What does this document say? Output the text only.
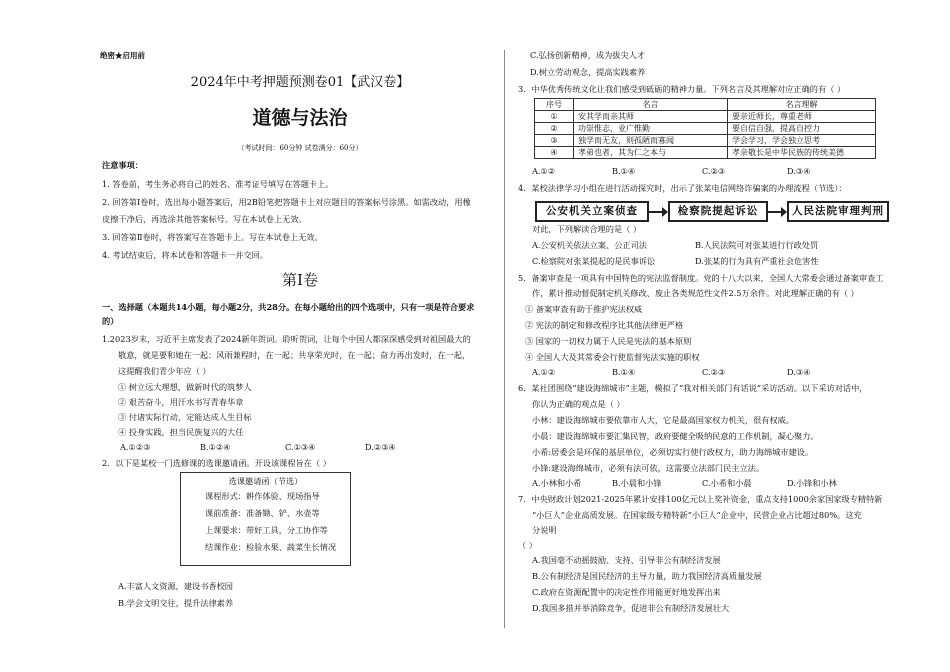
绝密★启用前
2024年中考押题预测卷01【武汉卷】
道德与法治
（考试时间：60分钟 试卷满分：60分）
注意事项：
1. 答卷前，考生务必将自己的姓名、准考证号填写在答题卡上。
2. 回答第Ⅰ卷时，选出每小题答案后，用2B铅笔把答题卡上对应题目的答案标号涂黑。如需改动，用橡
皮擦干净后，再选涂其他答案标号。写在本试卷上无效。
3. 回答第Ⅱ卷时，将答案写在答题卡上。写在本试卷上无效。
4. 考试结束后，将本试卷和答题卡一并交回。
第Ⅰ卷
一、选择题（本题共14小题，每小题2分，共28分。在每小题给出的四个选项中，只有一项是符合要求
的）
1.2023岁末，习近平主席发表了2024新年贺词。聆听贺词，让每个中国人都深深感受到对祖国最大的
敬意，就是要和她在一起：风雨兼程时，在一起；共享荣光时，在一起；奋力再出发时，在一起，
这提醒我们青少年应（ ）
① 树立远大理想，做新时代的筑梦人
② 艰苦奋斗，用汗水书写青春华章
③ 付诸实际行动，定能达成人生目标
④ 投身实践，担当民族复兴的大任
A.①②③	B.①②④	C.①③④	D.②③④
2．以下是某校一门选修课的选课邀请函。开设该课程旨在（ ）
选课邀请函（节选）
课程形式：耕作体验、现场指导
课前准备：准备锄、铲、水壶等
上课要求：带好工具，分工协作等
结课作业：检验水果、蔬菜生长情况
A.丰富人文资源，建设书香校园
B.学会文明交往，提升法律素养
C.弘扬创新精神，成为拔尖人才
D.树立劳动观念，提高实践素养
3．中华优秀传统文化让我们感受到砥砺的精神力量。下列名言及其理解对应正确的有（ ）
序号	名言	名言理解
①	安其学而亲其师	要亲近师长，尊重老师
②	功崇惟志，业广惟勤	要自信自强，提高自控力
③	独学而无友，则孤陋而寡闻	学会学习，学会独立思考
④	孝弟也者，其为仁之本与	孝亲敬长是中华民族的传统美德
A.①②	B.①④	C.②③	D.③④
4．某校法律学习小组在进行活动探究时，出示了张某电信网络诈骗案的办理流程（节选）：
公安机关立案侦查	检察院提起诉讼	人民法院审理判刑
对此，下列解读合理的是（ ）
A.公安机关依法立案、公正司法	B.人民法院可对张某进行行政处罚
C.检察院对张某提起的是民事诉讼	D.张某的行为具有严重社会危害性
5．备案审查是一项具有中国特色的宪法监督制度。党的十八大以来，全国人大常委会通过备案审查工
作，累计推动督促制定机关修改、废止各类规范性文件2.5万余件。对此理解正确的有（ ）
① 备案审查有助于推护宪法权威
② 宪法的制定和修改程序比其他法律更严格
③ 国家的一切权力属于人民是宪法的基本原则
④ 全国人大及其常委会行使监督宪法实施的职权
A.①②	B.①④	C.②③	D.③④
6．某社团围绕“建设海绵城市”主题，模拟了“我对相关部门有话说”采访活动。以下采访对话中，
你认为正确的观点是（ ）
小林：建设海绵城市要依靠市人大，它是最高国家权力机关，很有权威。
小晨：建设海绵城市要汇集民智，政府要健全吸纳民意的工作机制，凝心聚力。
小希:居委会是环保的基层单位，必须切实行使行政权力，助力海绵城市建设。
小锋:建设海绵城市，必须有法可依，这需要立法部门民主立法。
A.小林和小希	B.小晨和小锋	C.小希和小晨	D.小锋和小林
7．中央财政计划2021-2025年累计安排100亿元以上奖补资金，重点支持1000余家国家级专精特新
“小巨人”企业高质发展。在国家级专精特新”小巨人“企业中，民营企业占比超过80%。这充
分说明
（ ）
A.我国毫不动摇鼓励、支持、引导非公有制经济发展
B.公有制经济是国民经济的主导力量，助力我国经济高质量发展
C.政府在资源配置中的决定性作用能更好地发挥出来
D.我国多措并举消除竞争，促进非公有制经济发展壮大
